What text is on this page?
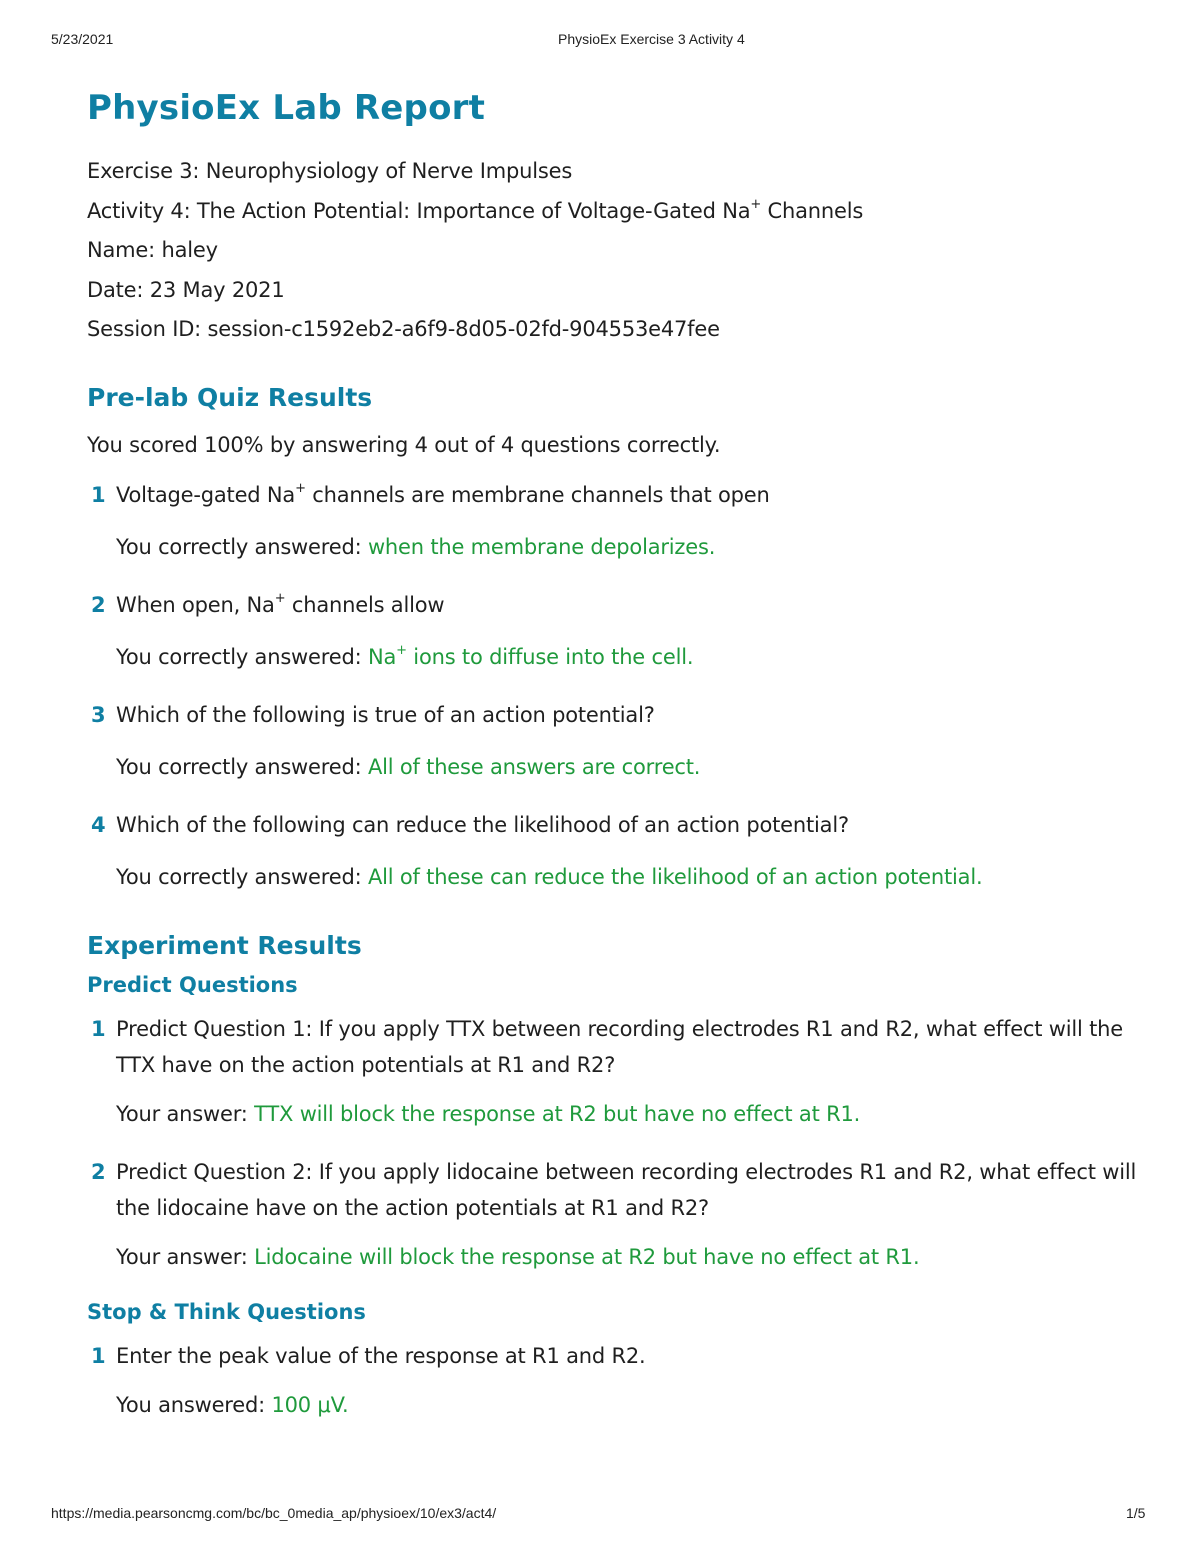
5/23/2021	PhysioEx Exercise 3 Activity 4
PhysioEx Lab Report
Exercise 3: Neurophysiology of Nerve Impulses
Activity 4: The Action Potential: Importance of Voltage-Gated Na+ Channels
Name: haley
Date: 23 May 2021
Session ID: session-c1592eb2-a6f9-8d05-02fd-904553e47fee
Pre-lab Quiz Results
You scored 100% by answering 4 out of 4 questions correctly.
1 Voltage-gated Na+ channels are membrane channels that open
You correctly answered: when the membrane depolarizes.
2 When open, Na+ channels allow
You correctly answered: Na+ ions to diffuse into the cell.
3 Which of the following is true of an action potential?
You correctly answered: All of these answers are correct.
4 Which of the following can reduce the likelihood of an action potential?
You correctly answered: All of these can reduce the likelihood of an action potential.
Experiment Results
Predict Questions
1 Predict Question 1: If you apply TTX between recording electrodes R1 and R2, what effect will the TTX have on the action potentials at R1 and R2?
Your answer: TTX will block the response at R2 but have no effect at R1.
2 Predict Question 2: If you apply lidocaine between recording electrodes R1 and R2, what effect will the lidocaine have on the action potentials at R1 and R2?
Your answer: Lidocaine will block the response at R2 but have no effect at R1.
Stop & Think Questions
1 Enter the peak value of the response at R1 and R2.
You answered: 100 μV.
https://media.pearsoncmg.com/bc/bc_0media_ap/physioex/10/ex3/act4/	1/5
